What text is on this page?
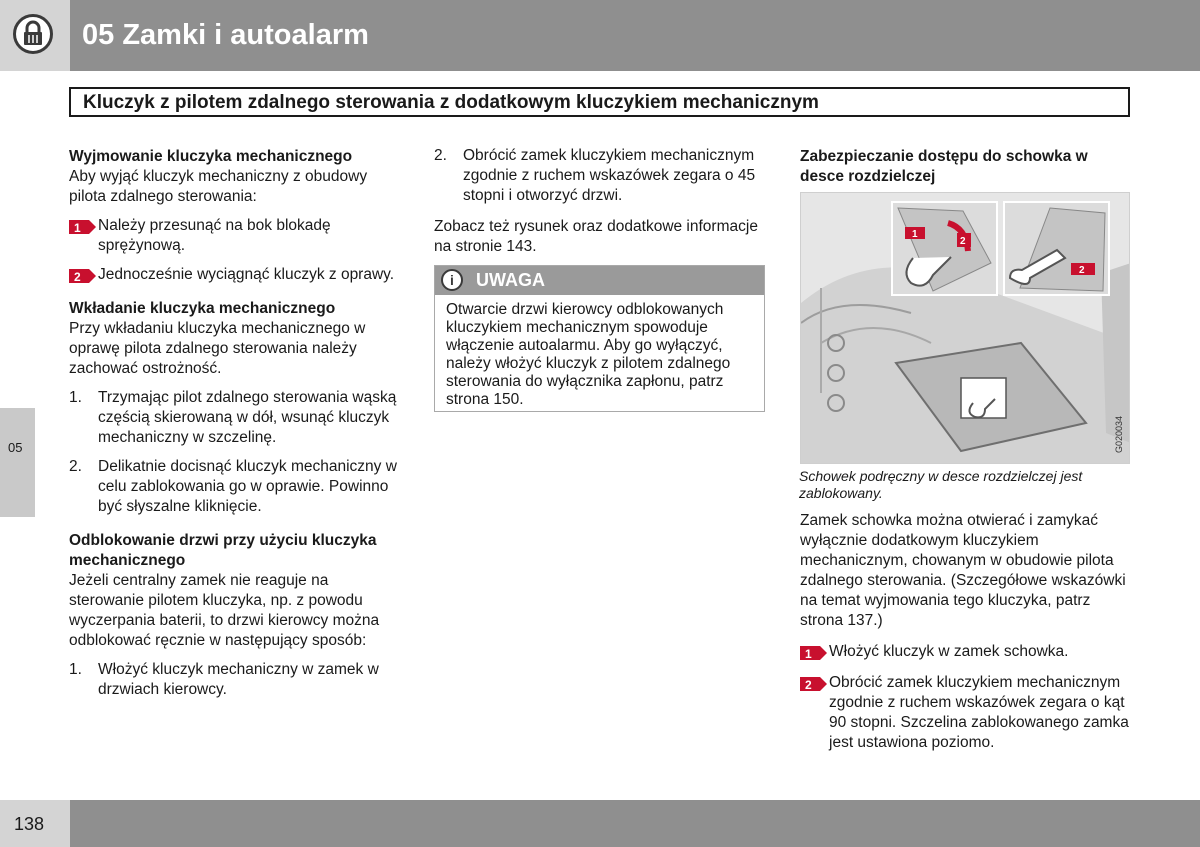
05 Zamki i autoalarm
Kluczyk z pilotem zdalnego sterowania z dodatkowym kluczykiem mechanicznym
05
Wyjmowanie kluczyka mechanicznego

Aby wyjąć kluczyk mechaniczny z obudowy pilota zdalnego sterowania:

1 Należy przesunąć na bok blokadę sprężynową.

2 Jednocześnie wyciągnąć kluczyk z oprawy.

Wkładanie kluczyka mechanicznego

Przy wkładaniu kluczyka mechanicznego w oprawę pilota zdalnego sterowania należy zachować ostrożność.

1. Trzymając pilot zdalnego sterowania wąską częścią skierowaną w dół, wsunąć kluczyk mechaniczny w szczelinę.

2. Delikatnie docisnąć kluczyk mechaniczny w celu zablokowania go w oprawie. Powinno być słyszalne kliknięcie.

Odblokowanie drzwi przy użyciu kluczyka mechanicznego

Jeżeli centralny zamek nie reaguje na sterowanie pilotem kluczyka, np. z powodu wyczerpania baterii, to drzwi kierowcy można odblokować ręcznie w następujący sposób:

1. Włożyć kluczyk mechaniczny w zamek w drzwiach kierowcy.

2. Obrócić zamek kluczykiem mechanicznym zgodnie z ruchem wskazówek zegara o 45 stopni i otworzyć drzwi.

Zobacz też rysunek oraz dodatkowe informacje na stronie 143.

i	UWAGA
Otwarcie drzwi kierowcy odblokowanych kluczykiem mechanicznym spowoduje włączenie autoalarmu. Aby go wyłączyć, należy włożyć kluczyk z pilotem zdalnego sterowania do wyłącznika zapłonu, patrz strona 150.
Zabezpieczanie dostępu do schowka w desce rozdzielczej
1
2
2
G020034
Schowek podręczny w desce rozdzielczej jest zablokowany.

Zamek schowka można otwierać i zamykać wyłącznie dodatkowym kluczykiem mechanicznym, chowanym w obudowie pilota zdalnego sterowania. (Szczegółowe wskazówki na temat wyjmowania tego kluczyka, patrz strona 137.)

1 Włożyć kluczyk w zamek schowka.

2 Obrócić zamek kluczykiem mechanicznym zgodnie z ruchem wskazówek zegara o kąt 90 stopni. Szczelina zablokowanego zamka jest ustawiona poziomo.

138
